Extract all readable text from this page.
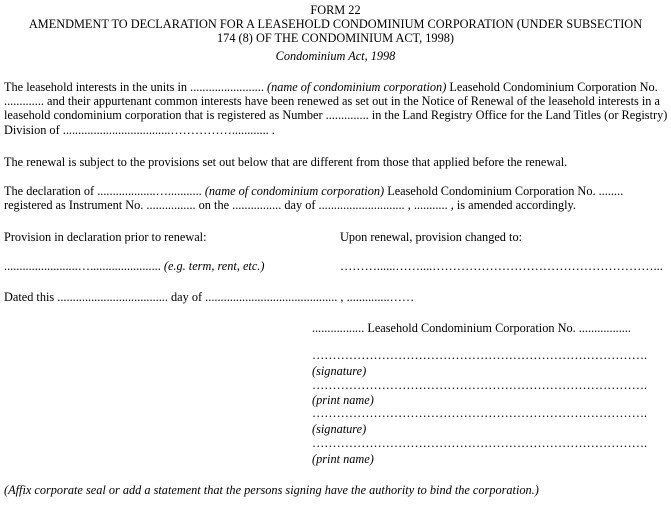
FORM 22
AMENDMENT TO DECLARATION FOR A LEASEHOLD CONDOMINIUM CORPORATION (UNDER SUBSECTION
174 (8) OF THE CONDOMINIUM ACT, 1998)
Condominium Act, 1998
The leasehold interests in the units in ........................ (name of condominium corporation) Leasehold Condominium Corporation No. ............. and their appurtenant common interests have been renewed as set out in the Notice of Renewal of the leasehold interests in a leasehold condominium corporation that is registered as Number .............. in the Land Registry Office for the Land Titles (or Registry) Division of ...................................……………............ .
The renewal is subject to the provisions set out below that are different from those that applied before the renewal.
The declaration of ...................…........... (name of condominium corporation) Leasehold Condominium Corporation No. ........ registered as Instrument No. ................ on the ................ day of ............................ , ........... , is amended accordingly.
Provision in declaration prior to renewal:	Upon renewal, provision changed to:
........................…....................... (e.g. term, rent, etc.)	………......……....………………………………………………...
Dated this .................................... day of ........................................... , ..............……
................. Leasehold Condominium Corporation No. .................
……………………………………………………………………….
(signature)
……………………………………………………………………….
(print name)
……………………………………………………………………….
(signature)
……………………………………………………………………….
(print name)
(Affix corporate seal or add a statement that the persons signing have the authority to bind the corporation.)
